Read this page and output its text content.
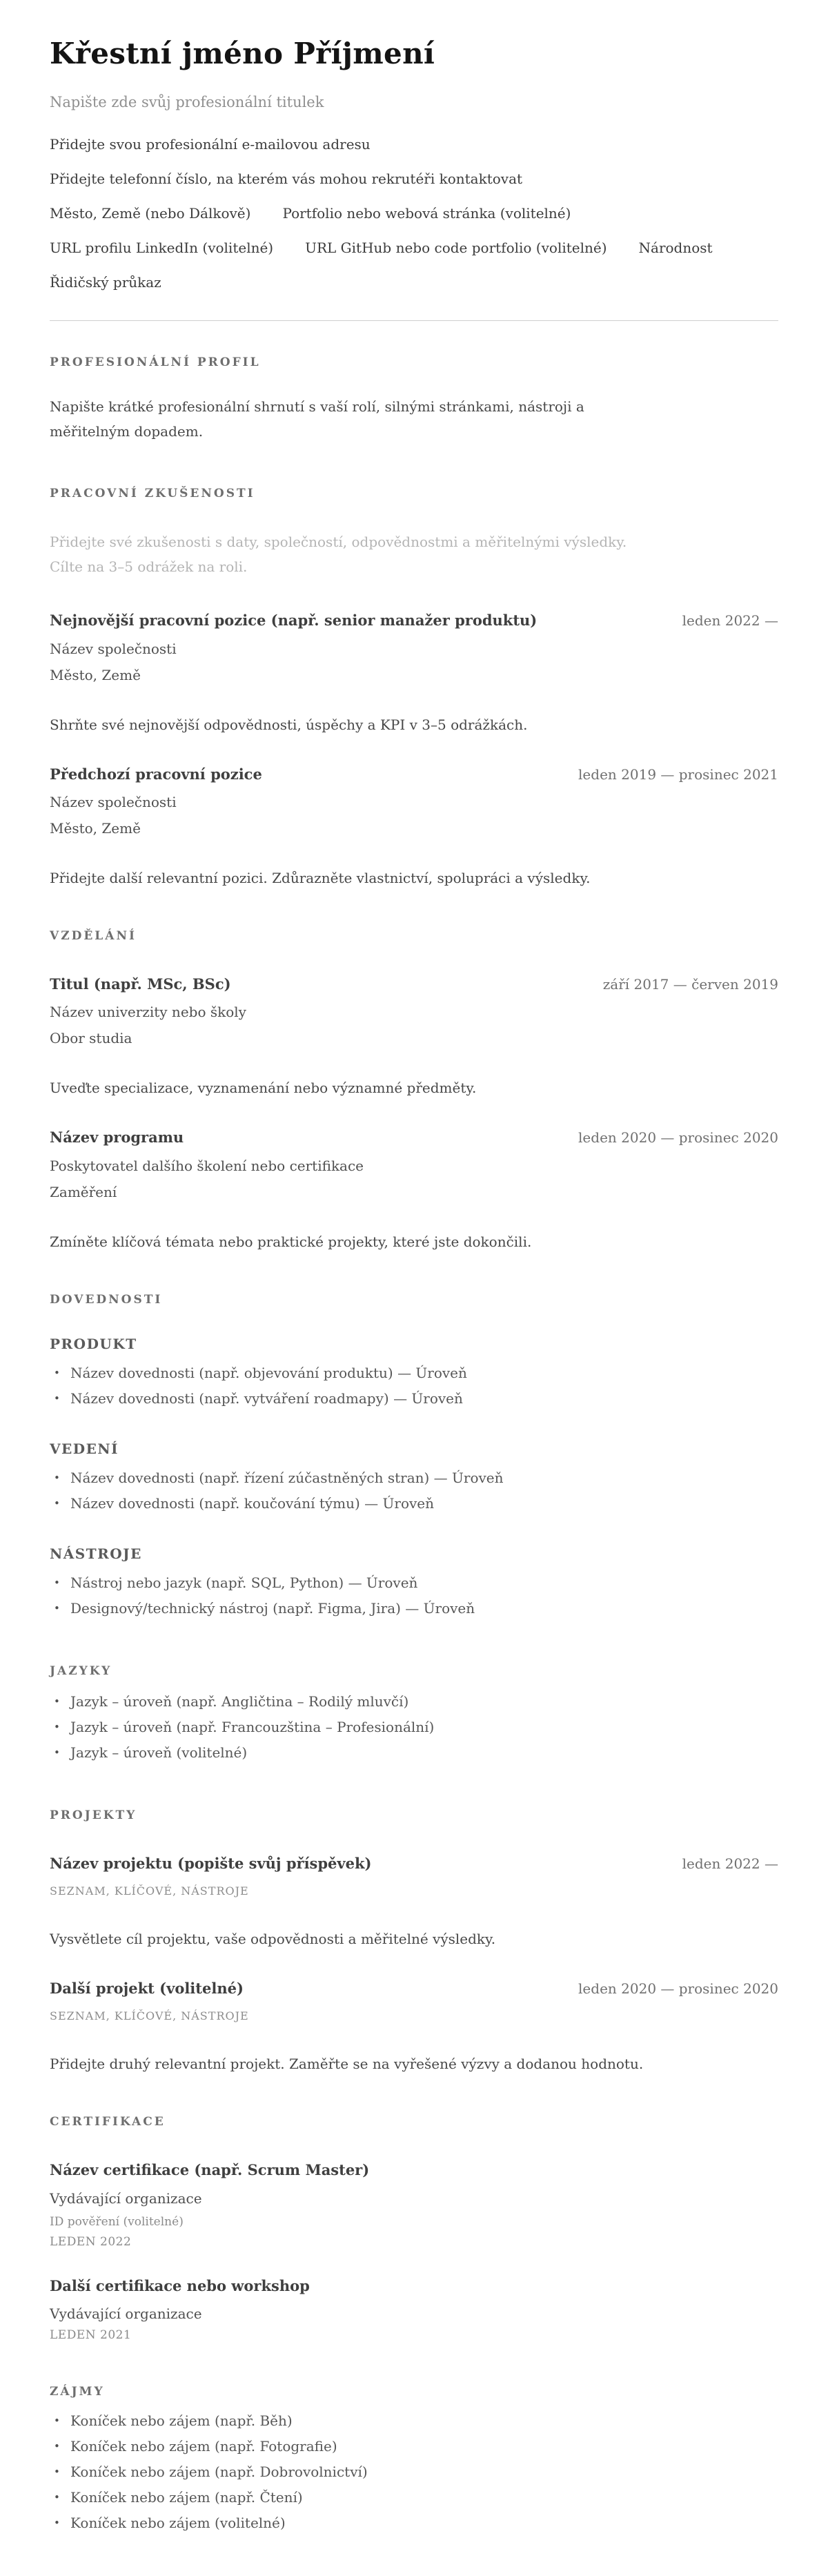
Křestní jméno Příjmení
Napište zde svůj profesionální titulek
Přidejte svou profesionální e-mailovou adresu
Přidejte telefonní číslo, na kterém vás mohou rekrutéři kontaktovat
Město, Země (nebo Dálkově) Portfolio nebo webová stránka (volitelné)
URL profilu LinkedIn (volitelné) URL GitHub nebo code portfolio (volitelné) Národnost
Řidičský průkaz
PROFESIONÁLNÍ PROFIL
Napište krátké profesionální shrnutí s vaší rolí, silnými stránkami, nástroji a
měřitelným dopadem.
PRACOVNÍ ZKUŠENOSTI
Přidejte své zkušenosti s daty, společností, odpovědnostmi a měřitelnými výsledky.
Cílte na 3–5 odrážek na roli.
Nejnovější pracovní pozice (např. senior manažer produktu)	leden 2022 —
Název společnosti
Město, Země
Shrňte své nejnovější odpovědnosti, úspěchy a KPI v 3–5 odrážkách.
Předchozí pracovní pozice	leden 2019 — prosinec 2021
Název společnosti
Město, Země
Přidejte další relevantní pozici. Zdůrazněte vlastnictví, spolupráci a výsledky.
VZDĚLÁNÍ
Titul (např. MSc, BSc)	září 2017 — červen 2019
Název univerzity nebo školy
Obor studia
Uveďte specializace, vyznamenání nebo významné předměty.
Název programu	leden 2020 — prosinec 2020
Poskytovatel dalšího školení nebo certifikace
Zaměření
Zmíněte klíčová témata nebo praktické projekty, které jste dokončili.
DOVEDNOSTI
PRODUKT
• Název dovednosti (např. objevování produktu) — Úroveň
• Název dovednosti (např. vytváření roadmapy) — Úroveň
VEDENÍ
• Název dovednosti (např. řízení zúčastněných stran) — Úroveň
• Název dovednosti (např. koučování týmu) — Úroveň
NÁSTROJE
• Nástroj nebo jazyk (např. SQL, Python) — Úroveň
• Designový/technický nástroj (např. Figma, Jira) — Úroveň
JAZYKY
• Jazyk – úroveň (např. Angličtina – Rodilý mluvčí)
• Jazyk – úroveň (např. Francouzština – Profesionální)
• Jazyk – úroveň (volitelné)
PROJEKTY
Název projektu (popište svůj příspěvek)	leden 2022 —
SEZNAM, KLÍČOVÉ, NÁSTROJE
Vysvětlete cíl projektu, vaše odpovědnosti a měřitelné výsledky.
Další projekt (volitelné)	leden 2020 — prosinec 2020
SEZNAM, KLÍČOVÉ, NÁSTROJE
Přidejte druhý relevantní projekt. Zaměřte se na vyřešené výzvy a dodanou hodnotu.
CERTIFIKACE
Název certifikace (např. Scrum Master)
Vydávající organizace
ID pověření (volitelné)
LEDEN 2022
Další certifikace nebo workshop
Vydávající organizace
LEDEN 2021
ZÁJMY
• Koníček nebo zájem (např. Běh)
• Koníček nebo zájem (např. Fotografie)
• Koníček nebo zájem (např. Dobrovolnictví)
• Koníček nebo zájem (např. Čtení)
• Koníček nebo zájem (volitelné)
